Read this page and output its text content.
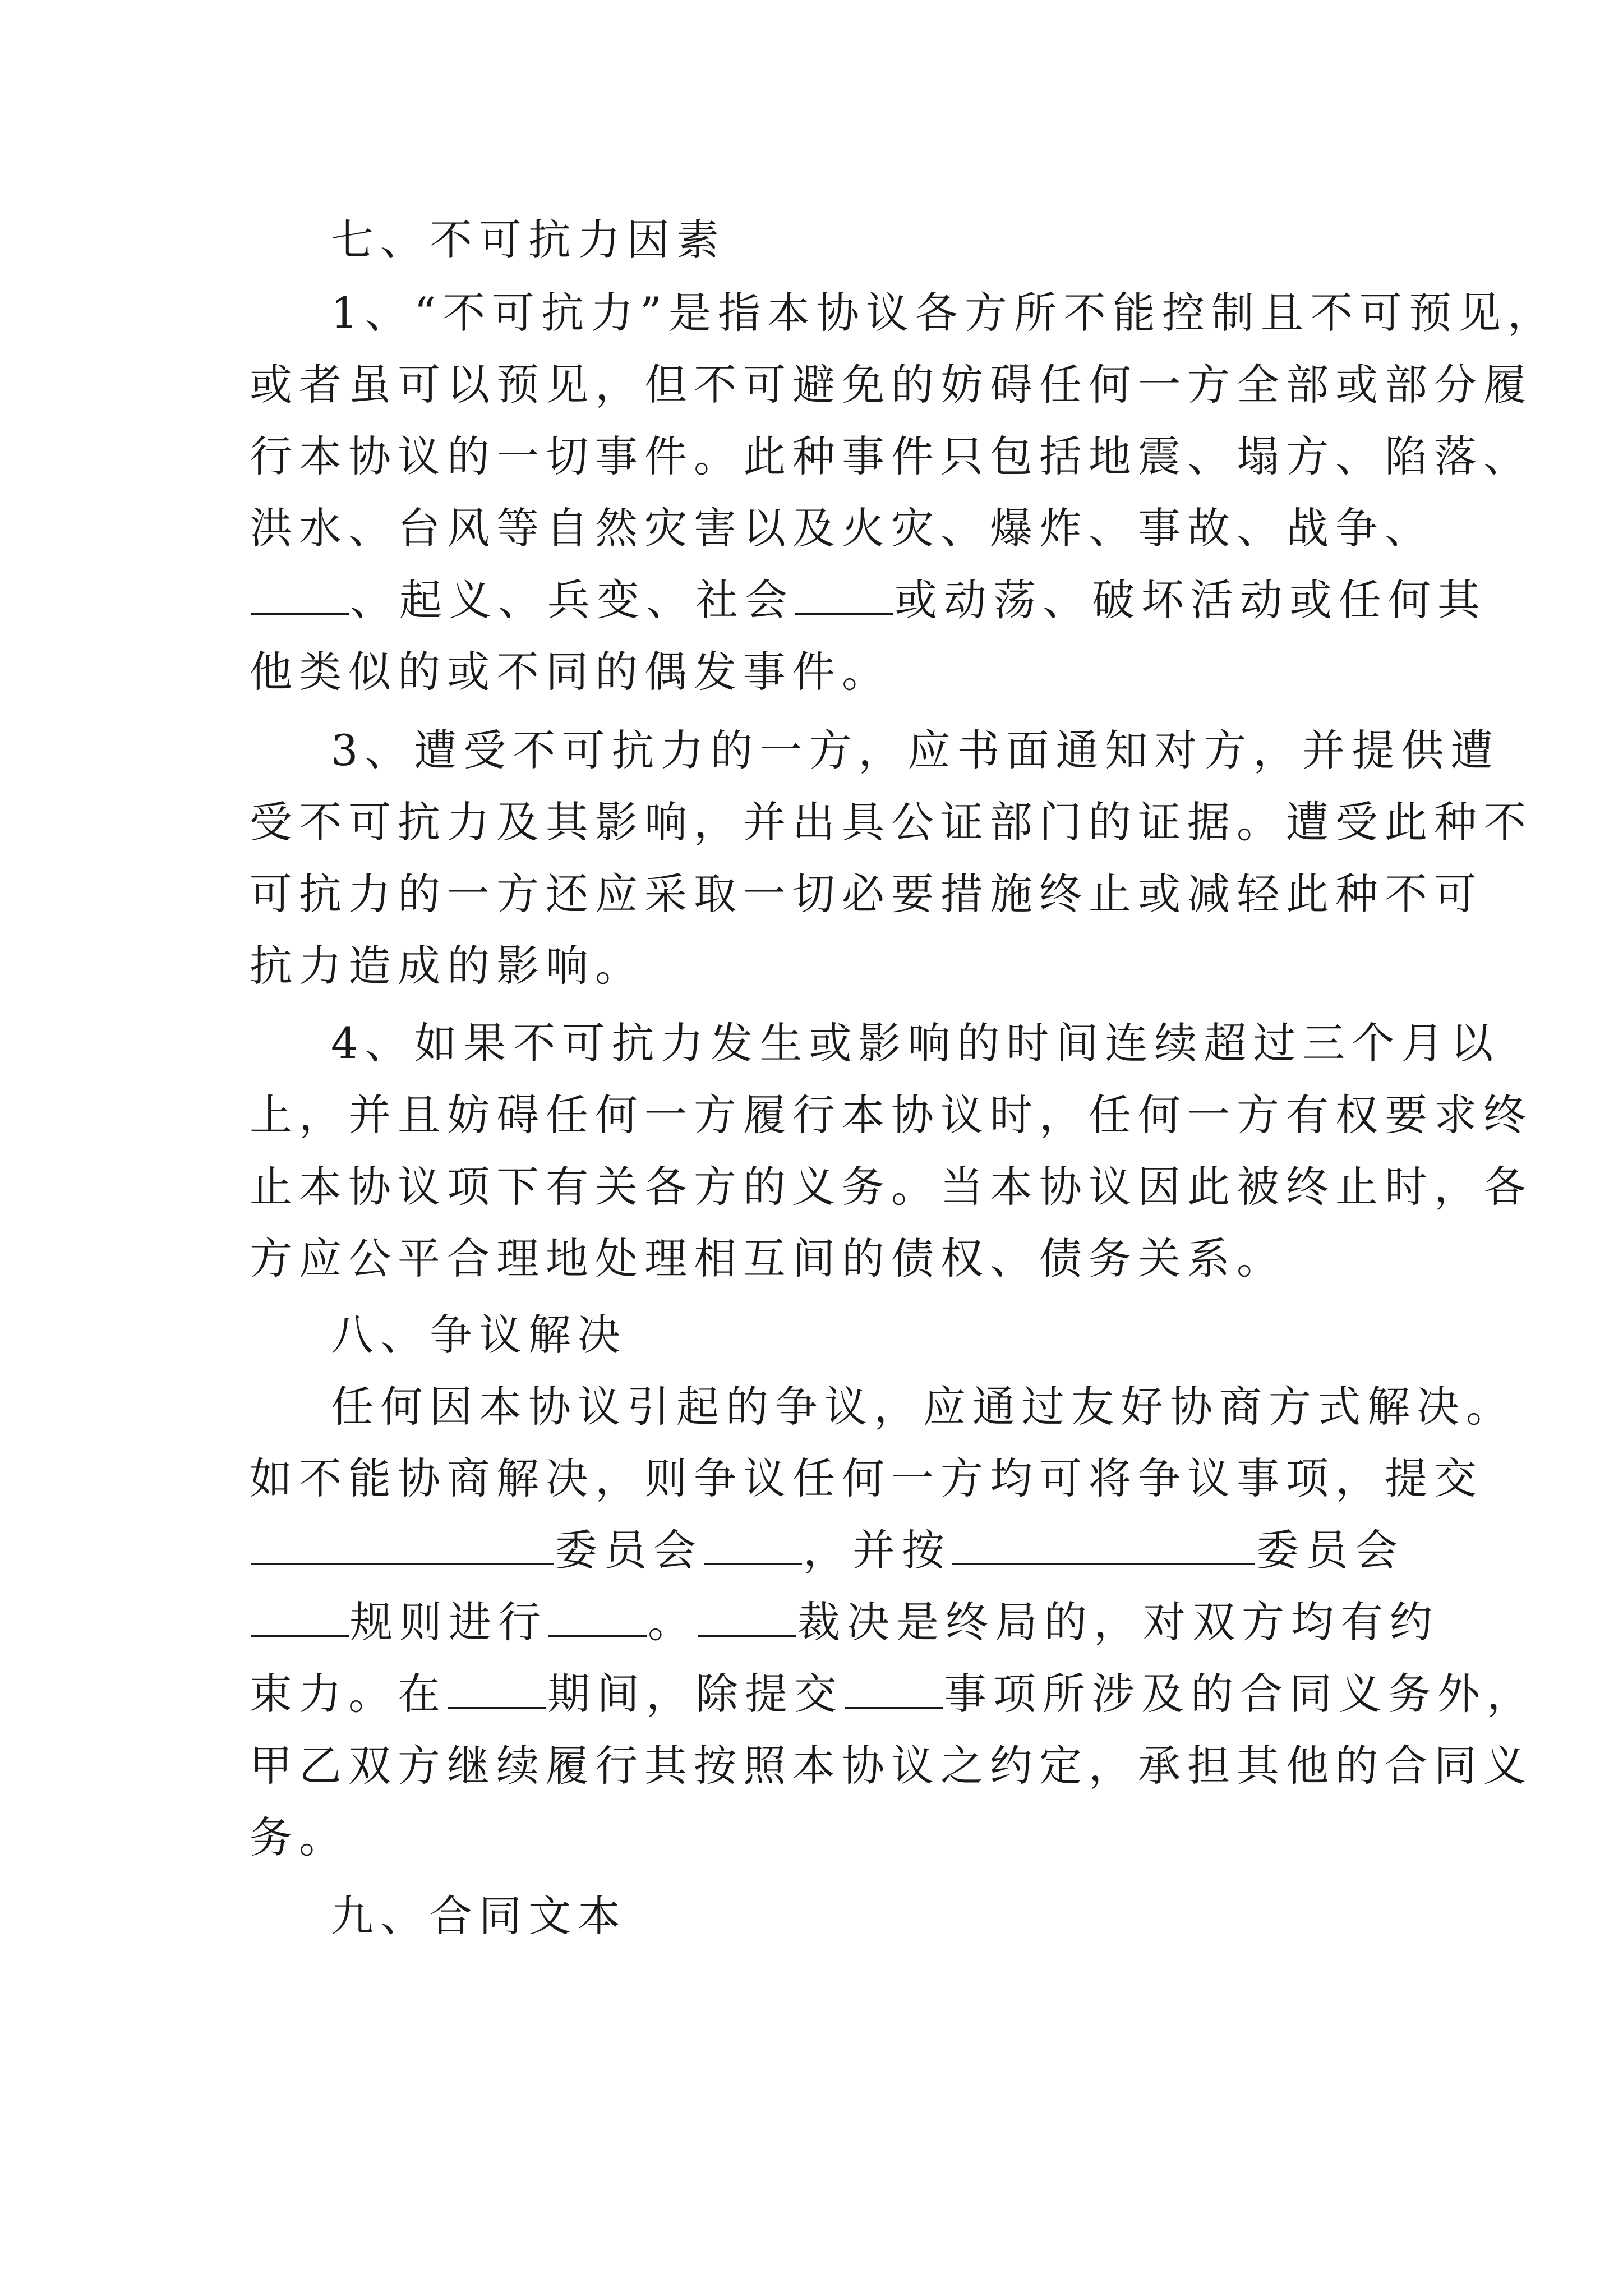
七、不可抗力因素
1、“不可抗力”是指本协议各方所不能控制且不可预见，
或者虽可以预见，但不可避免的妨碍任何一方全部或部分履
行本协议的一切事件。此种事件只包括地震、塌方、陷落、
洪水、台风等自然灾害以及火灾、爆炸、事故、战争、
、起义、兵变、社会 或动荡、破坏活动或任何其
他类似的或不同的偶发事件。
3、遭受不可抗力的一方，应书面通知对方，并提供遭
受不可抗力及其影响，并出具公证部门的证据。遭受此种不
可抗力的一方还应采取一切必要措施终止或减轻此种不可
抗力造成的影响。
4、如果不可抗力发生或影响的时间连续超过三个月以
上，并且妨碍任何一方履行本协议时，任何一方有权要求终
止本协议项下有关各方的义务。当本协议因此被终止时，各
方应公平合理地处理相互间的债权、债务关系。
八、争议解决
任何因本协议引起的争议，应通过友好协商方式解决。
如不能协商解决，则争议任何一方均可将争议事项，提交
委员会 ，并按	委员会
规则进行 。 裁决是终局的，对双方均有约
束力。在 期间，除提交 事项所涉及的合同义务外，
甲乙双方继续履行其按照本协议之约定，承担其他的合同义
务。
九、合同文本
